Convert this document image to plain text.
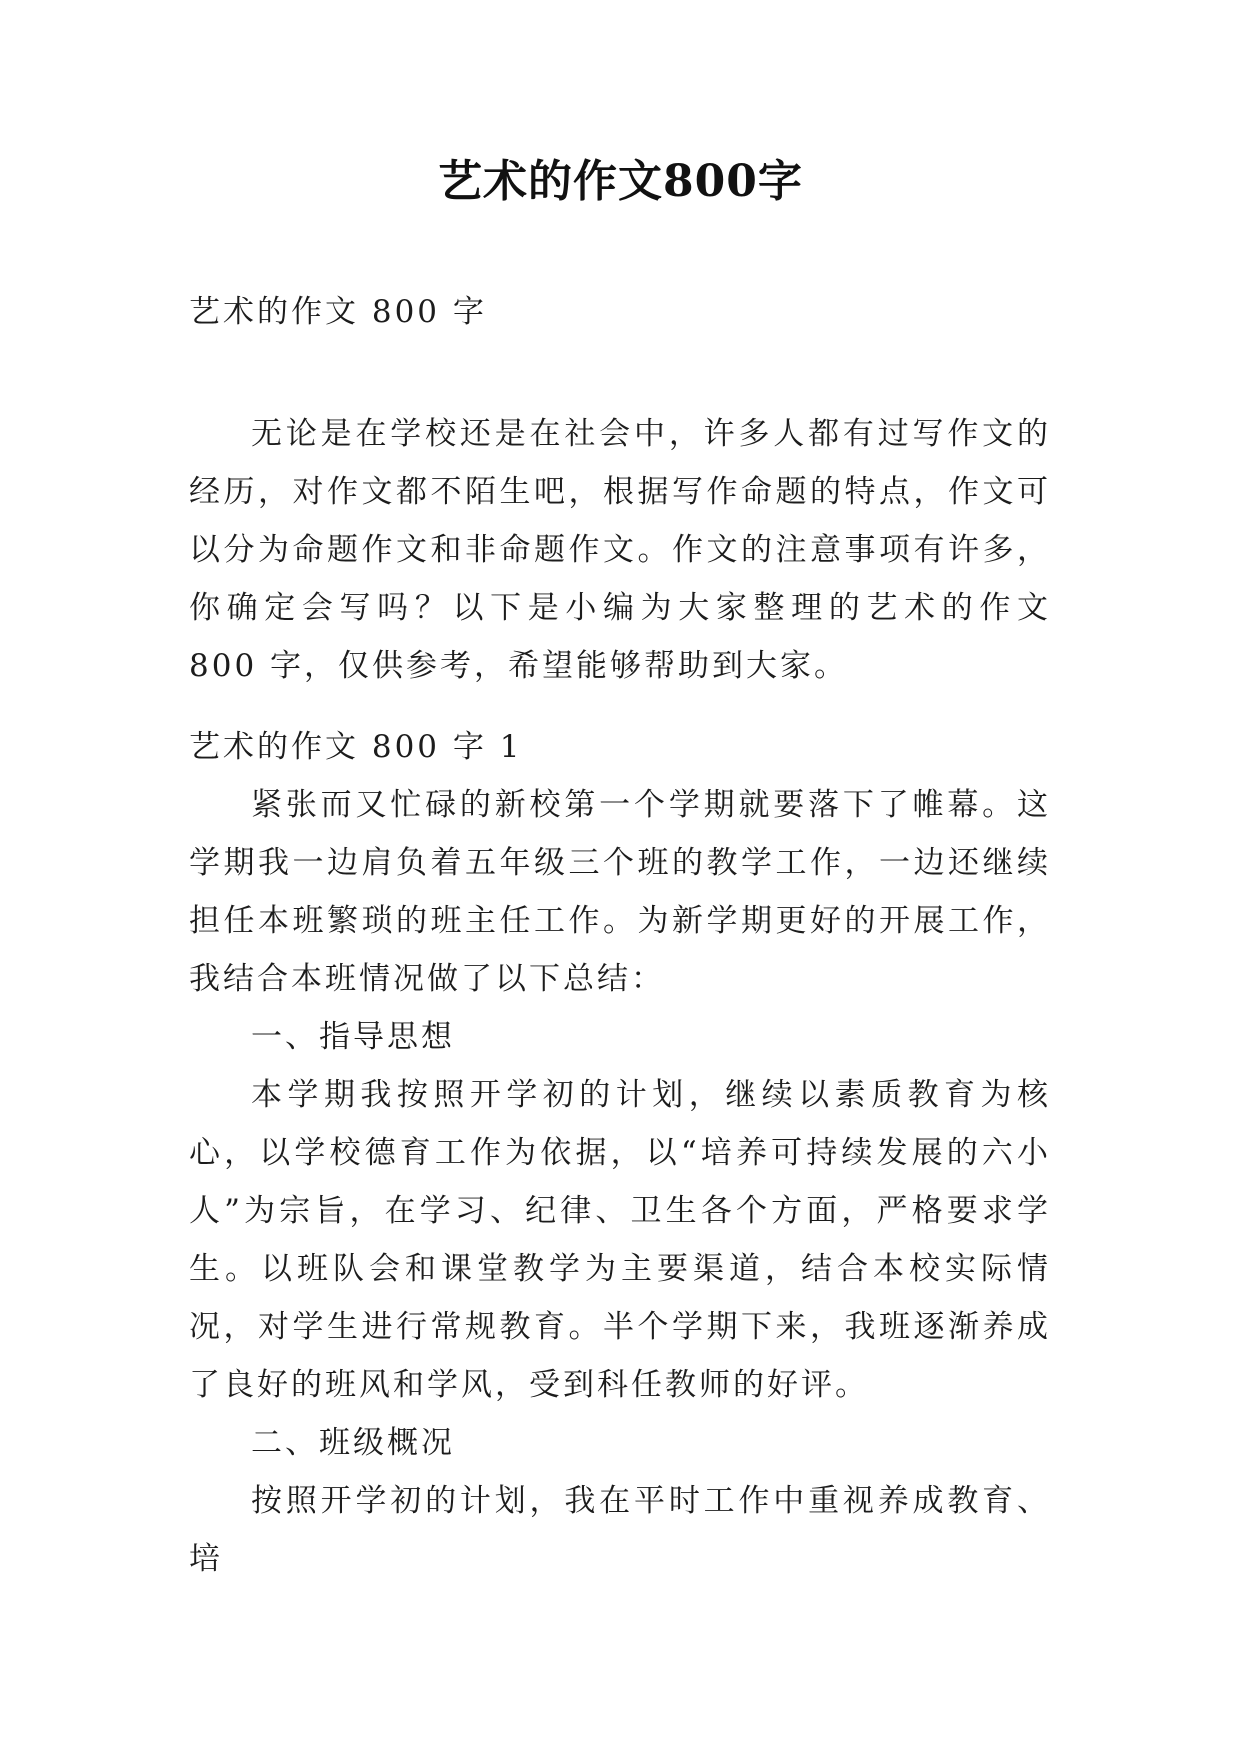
艺术的作文800字
艺术的作文 800 字
无论是在学校还是在社会中，许多人都有过写作文的经历，对作文都不陌生吧，根据写作命题的特点，作文可以分为命题作文和非命题作文。作文的注意事项有许多，你确定会写吗？以下是小编为大家整理的艺术的作文 800 字，仅供参考，希望能够帮助到大家。

艺术的作文 800 字 1

紧张而又忙碌的新校第一个学期就要落下了帷幕。这学期我一边肩负着五年级三个班的教学工作，一边还继续担任本班繁琐的班主任工作。为新学期更好的开展工作，我结合本班情况做了以下总结：

一、指导思想

本学期我按照开学初的计划，继续以素质教育为核心，以学校德育工作为依据，以“培养可持续发展的六小人”为宗旨，在学习、纪律、卫生各个方面，严格要求学生。以班队会和课堂教学为主要渠道，结合本校实际情况，对学生进行常规教育。半个学期下来，我班逐渐养成了良好的班风和学风，受到科任教师的好评。

二、班级概况

按照开学初的计划，我在平时工作中重视养成教育、培
